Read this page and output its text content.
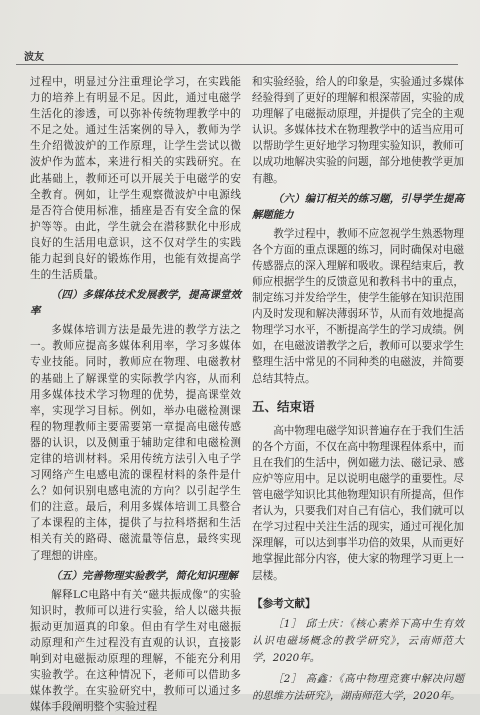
波友

过程中，明显过分注重理论学习，在实践能力的培养上有明显不足。因此，通过电磁学生活化的渗透，可以弥补传统物理教学中的不足之处。通过生活案例的导入，教师为学生介绍微波炉的工作原理，让学生尝试以微波炉作为蓝本，来进行相关的实践研究。在此基础上，教师还可以开展关于电磁学的安全教育。例如，让学生观察微波炉中电源线是否符合使用标准，插座是否有安全盒的保护等等。由此，学生就会在潜移默化中形成良好的生活用电意识，这不仅对学生的实践能力起到良好的锻炼作用，也能有效提高学生的生活质量。

（四）多媒体技术发展教学，提高课堂效率

多媒体培训方法是最先进的教学方法之一。教师应提高多媒体利用率，学习多媒体专业技能。同时，教师应在物理、电磁教材的基础上了解课堂的实际教学内容，从而利用多媒体技术学习物理的优势，提高课堂效率，实现学习目标。例如，举办电磁检测课程的物理教师主要需要第一章提高电磁传感器的认识，以及侧重于辅助定律和电磁检测定律的培训材料。采用传统方法引入电子学习网络产生电感电流的课程材料的条件是什么？如何识别电感电流的方向？以引起学生们的注意。最后，利用多媒体培训工具整合了本课程的主体，提供了与拉科塔据和生活相关有关的路碍、磁流量等信息，最终实现了理想的讲座。

（五）完善物理实验教学，简化知识理解

解释LC电路中有关“磁共振成像”的实验知识时，教师可以进行实验，给人以磁共振振动更加逼真的印象。但由有学生对电磁振动原理和产生过程没有直观的认识，直接影响到对电磁振动原理的理解，不能充分利用实验教学。在这种情况下，老师可以借助多媒体教学。在实验研究中，教师可以通过多媒体手段阐明整个实验过程

和实验经验，给人的印象是，实验通过多媒体经验得到了更好的理解和根深蒂固，实验的成功理解了电磁振动原理，并提供了完全的主观认识。多媒体技术在物理教学中的适当应用可以帮助学生更好地学习物理实验知识，教师可以成功地解决实验的问题，部分地使教学更加有趣。

（六）编订相关的练习题，引导学生提高解题能力

教学过程中，教师不应忽视学生熟悉物理各个方面的重点课题的练习，同时确保对电磁传感器点的深入理解和吸收。课程结束后，教师应根据学生的反馈意见和教科书中的重点，制定练习并发给学生，使学生能够在知识范围内及时发现和解决薄弱环节，从而有效地提高物理学习水平，不断提高学生的学习成绩。例如，在电磁波谱教学之后，教师可以要求学生整理生活中常见的不同种类的电磁波，并简要总结其特点。

五、结束语

高中物理电磁学知识普遍存在于我们生活的各个方面，不仅在高中物理课程体系中，而且在我们的生活中，例如磁力法、磁记录、感应炉等应用中。足以说明电磁学的重要性。尽管电磁学知识比其他物理知识有所提高，但作者认为，只要我们对自己有信心，我们就可以在学习过程中关注生活的现实，通过可视化加深理解，可以达到事半功倍的效果，从而更好地掌握此部分内容，使大家的物理学习更上一层楼。

【参考文献】

［1］ 邱士庆：《核心素养下高中生有效认识电磁场概念的教学研究》，云南师范大学，2020年。

［2］ 高鑫：《高中物理竞赛中解决问题的思维方法研究》，湖南师范大学，2020年。
